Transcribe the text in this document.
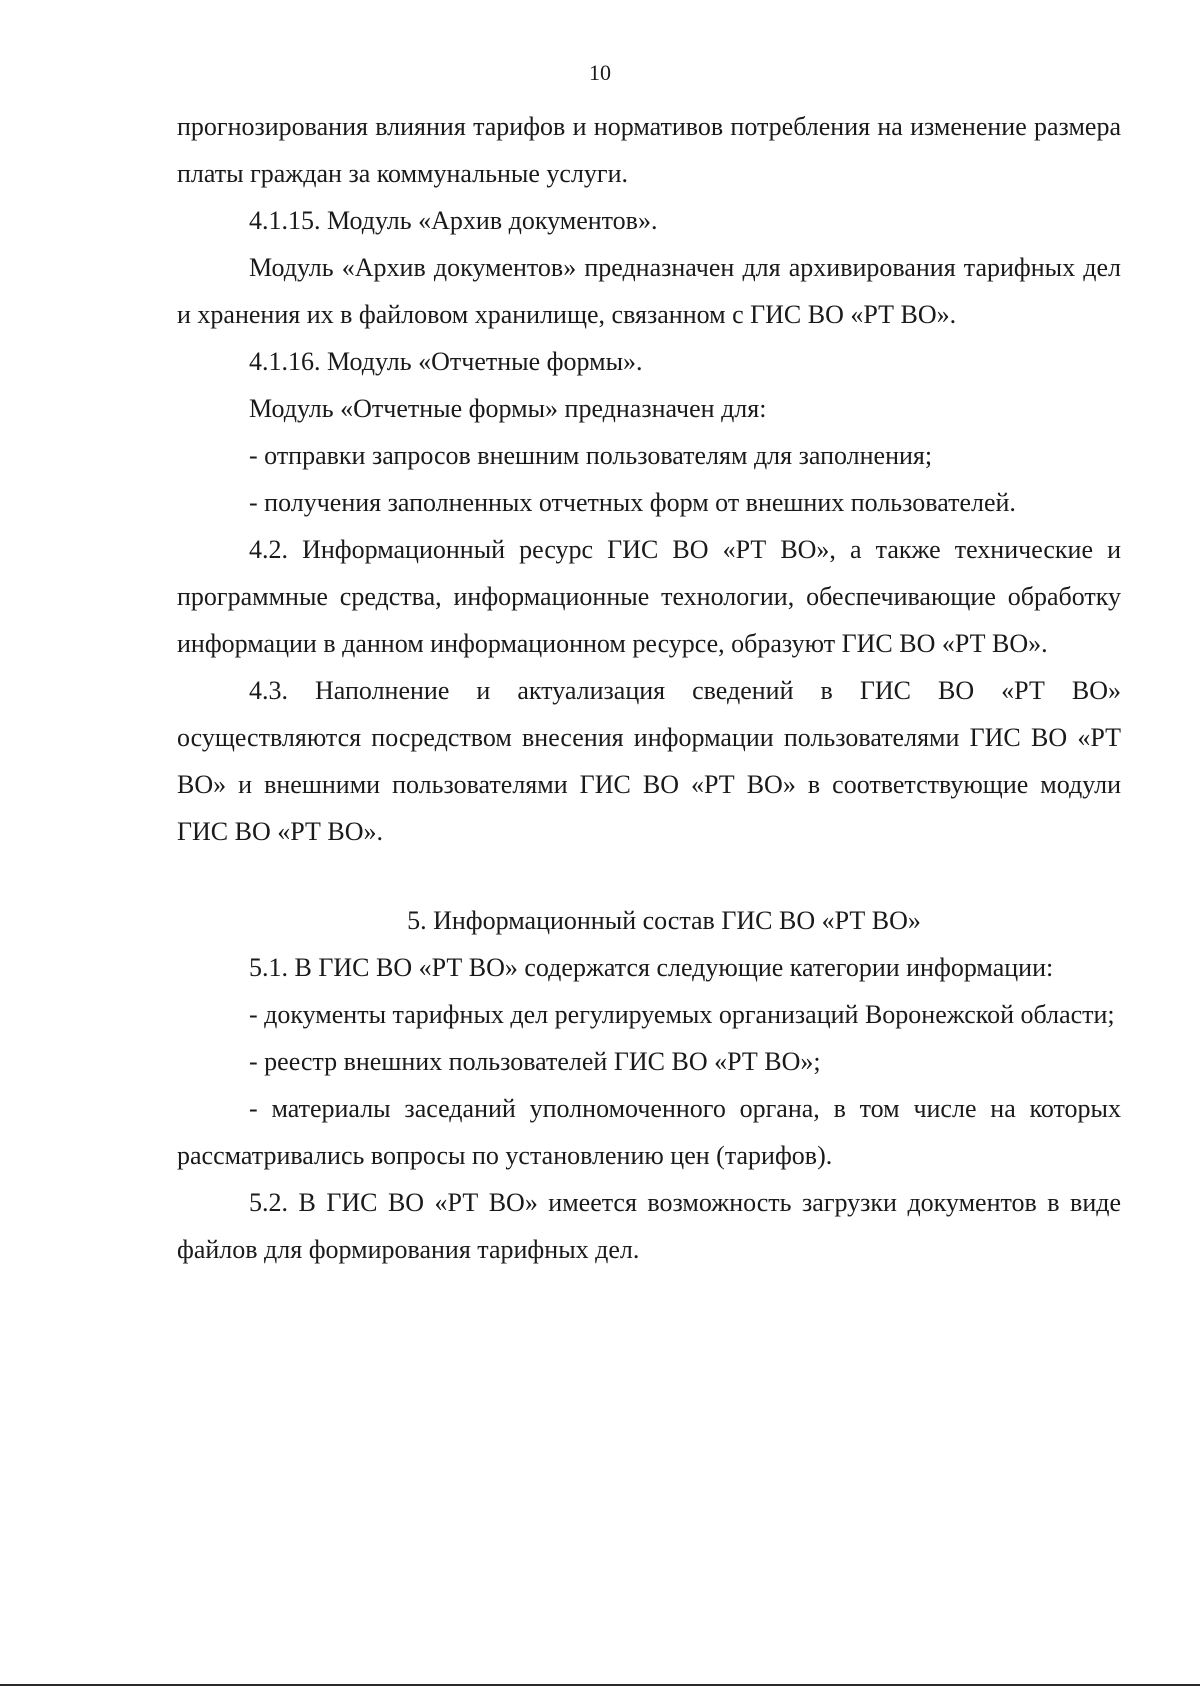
10

прогнозирования влияния тарифов и нормативов потребления на изменение размера платы граждан за коммунальные услуги.

4.1.15. Модуль «Архив документов».

Модуль «Архив документов» предназначен для архивирования тарифных дел и хранения их в файловом хранилище, связанном с ГИС ВО «РТ ВО».

4.1.16. Модуль «Отчетные формы».

Модуль «Отчетные формы» предназначен для:

- отправки запросов внешним пользователям для заполнения;

- получения заполненных отчетных форм от внешних пользователей.

4.2. Информационный ресурс ГИС ВО «РТ ВО», а также технические и программные средства, информационные технологии, обеспечивающие обработку информации в данном информационном ресурсе, образуют ГИС ВО «РТ ВО».

4.3. Наполнение и актуализация сведений в ГИС ВО «РТ ВО» осуществляются посредством внесения информации пользователями ГИС ВО «РТ ВО» и внешними пользователями ГИС ВО «РТ ВО» в соответствующие модули ГИС ВО «РТ ВО».

5. Информационный состав ГИС ВО «РТ ВО»

5.1. В ГИС ВО «РТ ВО» содержатся следующие категории информации:

- документы тарифных дел регулируемых организаций Воронежской области;

- реестр внешних пользователей ГИС ВО «РТ ВО»;

- материалы заседаний уполномоченного органа, в том числе на которых рассматривались вопросы по установлению цен (тарифов).

5.2. В ГИС ВО «РТ ВО» имеется возможность загрузки документов в виде файлов для формирования тарифных дел.
